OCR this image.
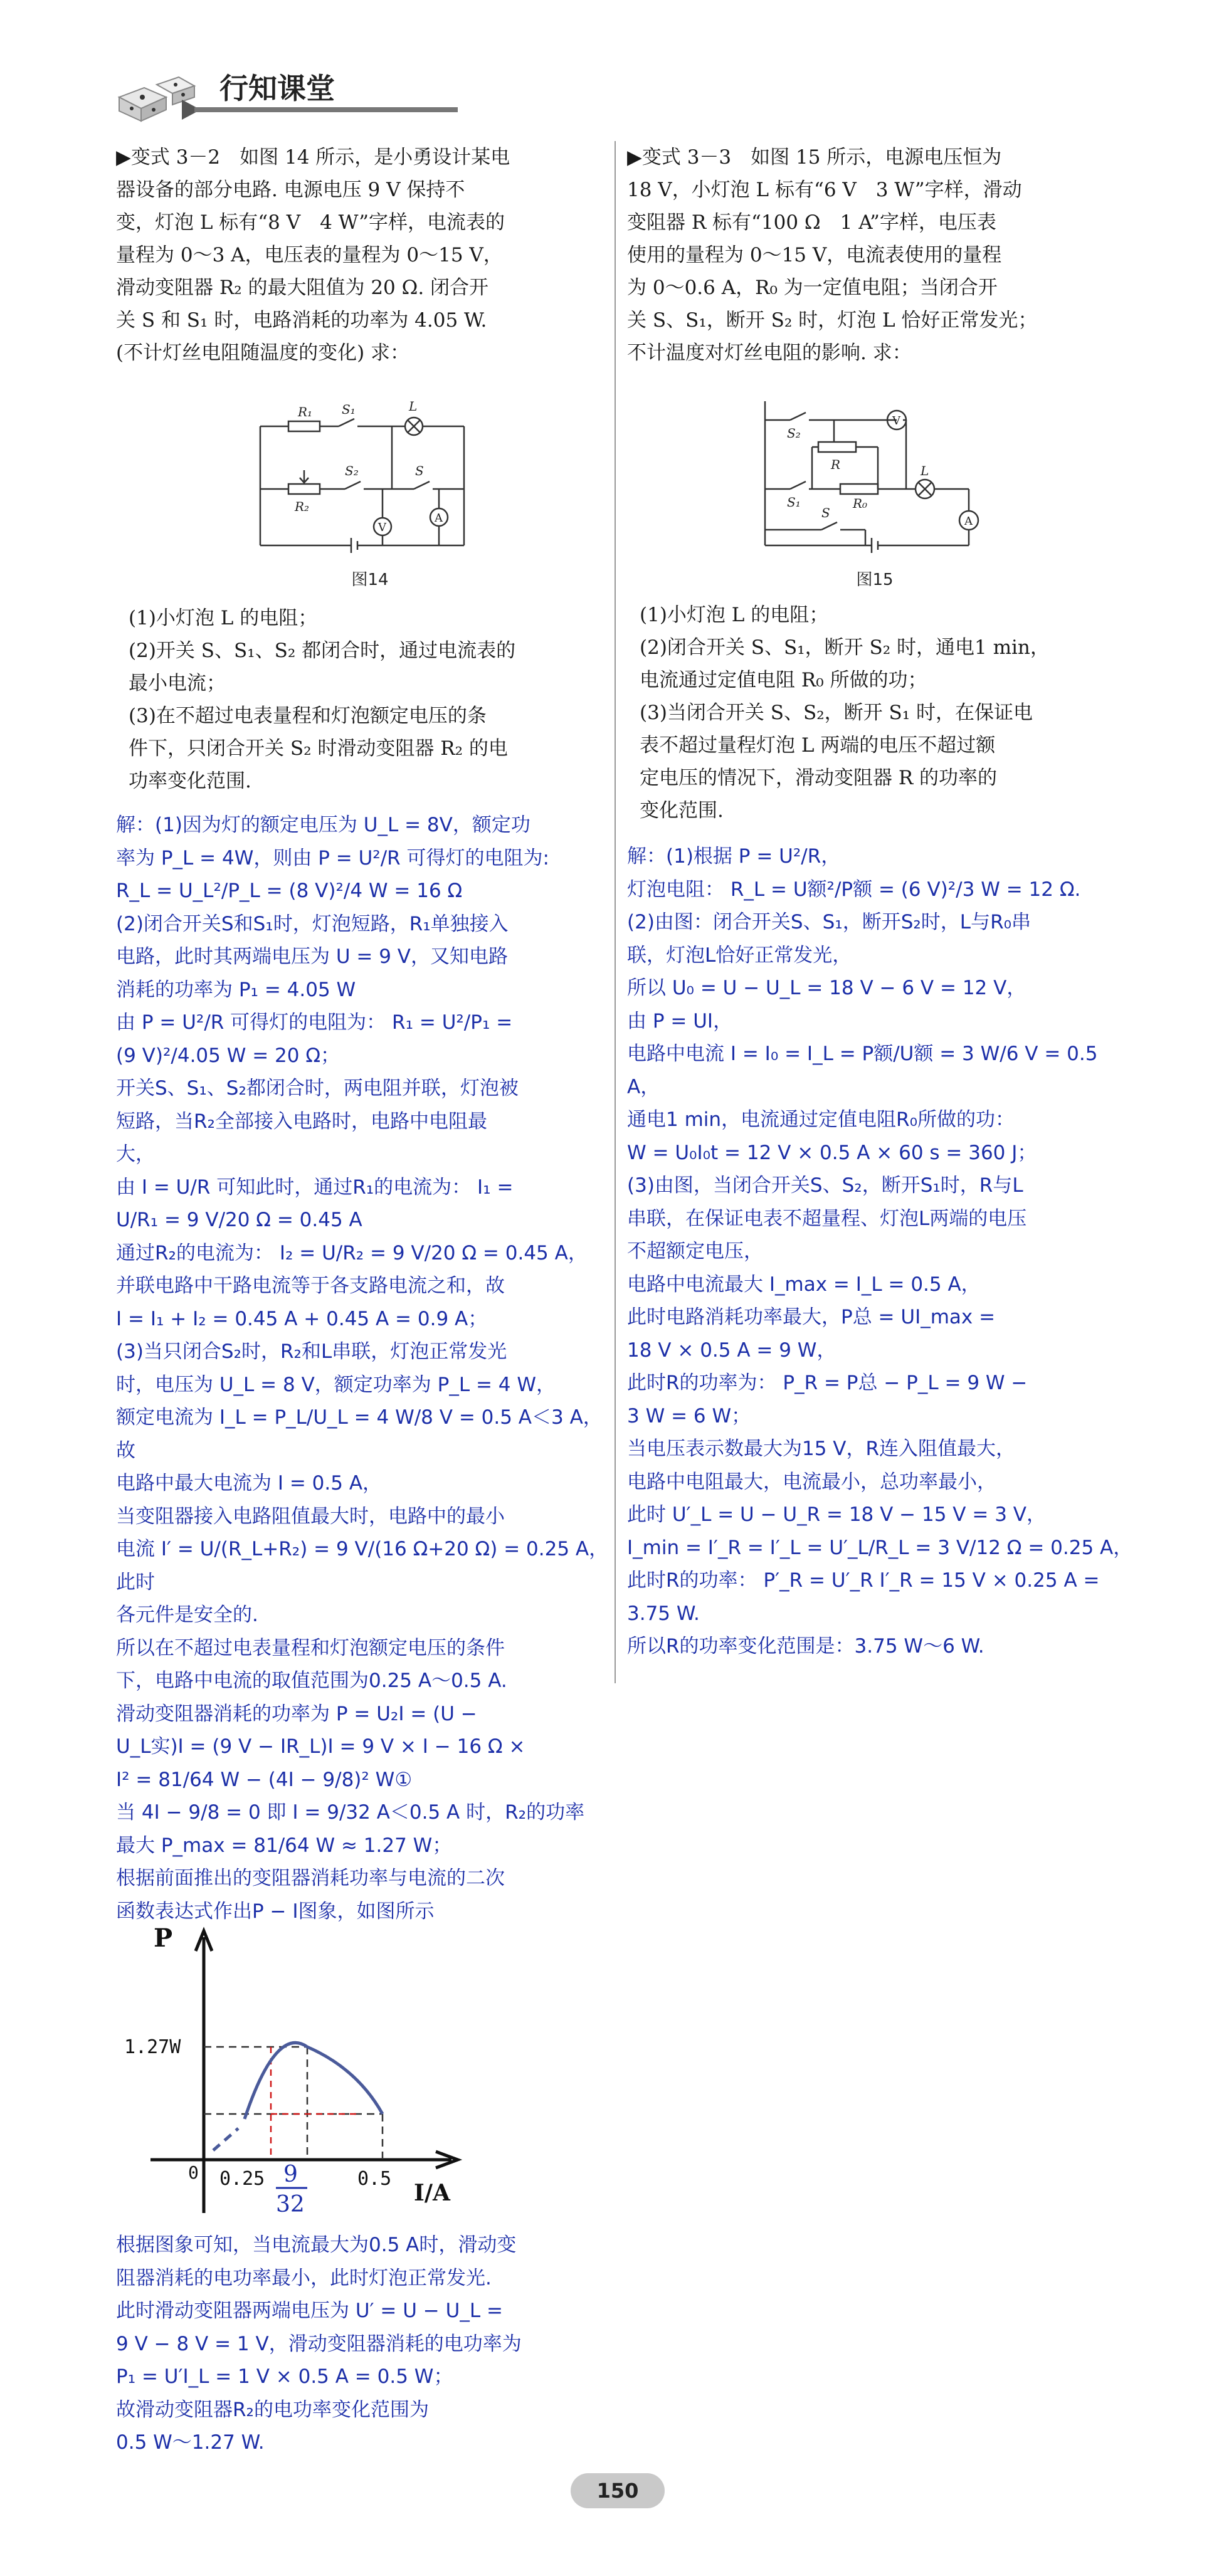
行知课堂

▶变式 3－2　如图 14 所示，是小勇设计某电

器设备的部分电路. 电源电压 9 V 保持不

变，灯泡 L 标有“8 V　4 W”字样，电流表的

量程为 0～3 A，电压表的量程为 0～15 V，

滑动变阻器 R₂ 的最大阻值为 20 Ω. 闭合开

关 S 和 S₁ 时，电路消耗的功率为 4.05 W.

(不计灯丝电阻随温度的变化) 求：

R₁ S₁	L
S₂	S
R₂
V
A
图14

(1)小灯泡 L 的电阻；

(2)开关 S、S₁、S₂ 都闭合时，通过电流表的

最小电流；

(3)在不超过电表量程和灯泡额定电压的条

件下，只闭合开关 S₂ 时滑动变阻器 R₂ 的电

功率变化范围.

解：(1)因为灯的额定电压为 U_L = 8V，额定功

率为 P_L = 4W，则由 P = U²/R 可得灯的电阻为:

R_L = U_L²/P_L = (8 V)²/4 W = 16 Ω

(2)闭合开关S和S₁时，灯泡短路，R₁单独接入

电路，此时其两端电压为 U = 9 V，又知电路

消耗的功率为 P₁ = 4.05 W

由 P = U²/R 可得灯的电阻为： R₁ = U²/P₁ =

(9 V)²/4.05 W = 20 Ω；

开关S、S₁、S₂都闭合时，两电阻并联，灯泡被

短路，当R₂全部接入电路时，电路中电阻最

大，

由 I = U/R 可知此时，通过R₁的电流为： I₁ =

U/R₁ = 9 V/20 Ω = 0.45 A

通过R₂的电流为： I₂ = U/R₂ = 9 V/20 Ω = 0.45 A，

并联电路中干路电流等于各支路电流之和，故

I = I₁ + I₂ = 0.45 A + 0.45 A = 0.9 A；

(3)当只闭合S₂时，R₂和L串联，灯泡正常发光

时，电压为 U_L = 8 V，额定功率为 P_L = 4 W，

额定电流为 I_L = P_L/U_L = 4 W/8 V = 0.5 A＜3 A，故

电路中最大电流为 I = 0.5 A，

当变阻器接入电路阻值最大时，电路中的最小

电流 I′ = U/(R_L+R₂) = 9 V/(16 Ω+20 Ω) = 0.25 A，此时

各元件是安全的.

所以在不超过电表量程和灯泡额定电压的条件

下，电路中电流的取值范围为0.25 A～0.5 A.

滑动变阻器消耗的功率为 P = U₂I = (U −

U_L实)I = (9 V − IR_L)I = 9 V × I − 16 Ω ×

I² = 81/64 W − (4I − 9/8)² W①

当 4I − 9/8 = 0 即 I = 9/32 A＜0.5 A 时，R₂的功率

最大 P_max = 81/64 W ≈ 1.27 W；

根据前面推出的变阻器消耗功率与电流的二次

函数表达式作出P − I图象，如图所示

P
I/A
1.27W
0 0.25	0.5
9
32

根据图象可知，当电流最大为0.5 A时，滑动变

阻器消耗的电功率最小，此时灯泡正常发光.

此时滑动变阻器两端电压为 U′ = U − U_L =

9 V − 8 V = 1 V，滑动变阻器消耗的电功率为

P₁ = U′I_L = 1 V × 0.5 A = 0.5 W；

故滑动变阻器R₂的电功率变化范围为

0.5 W～1.27 W.

▶变式 3－3　如图 15 所示，电源电压恒为

18 V，小灯泡 L 标有“6 V　3 W”字样，滑动

变阻器 R 标有“100 Ω　1 A”字样，电压表

使用的量程为 0～15 V，电流表使用的量程

为 0～0.6 A，R₀ 为一定值电阻；当闭合开

关 S、S₁，断开 S₂ 时，灯泡 L 恰好正常发光；

不计温度对灯丝电阻的影响. 求：

S₂
V
R
S₁	R₀
L
A
S
图15

(1)小灯泡 L 的电阻；

(2)闭合开关 S、S₁，断开 S₂ 时，通电1 min，

电流通过定值电阻 R₀ 所做的功；

(3)当闭合开关 S、S₂，断开 S₁ 时，在保证电

表不超过量程灯泡 L 两端的电压不超过额

定电压的情况下，滑动变阻器 R 的功率的

变化范围.

解：(1)根据 P = U²/R，

灯泡电阻： R_L = U额²/P额 = (6 V)²/3 W = 12 Ω.

(2)由图：闭合开关S、S₁，断开S₂时，L与R₀串

联，灯泡L恰好正常发光，

所以 U₀ = U − U_L = 18 V − 6 V = 12 V，

由 P = UI，

电路中电流 I = I₀ = I_L = P额/U额 = 3 W/6 V = 0.5 A，

通电1 min，电流通过定值电阻R₀所做的功：

W = U₀I₀t = 12 V × 0.5 A × 60 s = 360 J；

(3)由图，当闭合开关S、S₂，断开S₁时，R与L

串联，在保证电表不超量程、灯泡L两端的电压

不超额定电压，

电路中电流最大 I_max = I_L = 0.5 A，

此时电路消耗功率最大，P总 = UI_max =

18 V × 0.5 A = 9 W，

此时R的功率为： P_R = P总 − P_L = 9 W −

3 W = 6 W；

当电压表示数最大为15 V，R连入阻值最大，

电路中电阻最大，电流最小，总功率最小，

此时 U′_L = U − U_R = 18 V − 15 V = 3 V，

I_min = I′_R = I′_L = U′_L/R_L = 3 V/12 Ω = 0.25 A，

此时R的功率： P′_R = U′_R I′_R = 15 V × 0.25 A =

3.75 W.

所以R的功率变化范围是：3.75 W～6 W.

150
